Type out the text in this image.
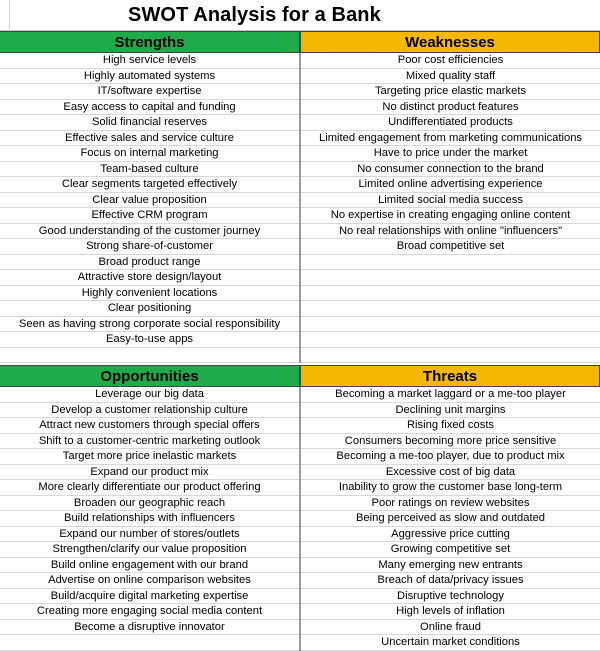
SWOT Analysis for a Bank
Strengths
High service levels
Highly automated systems
IT/software expertise
Easy access to capital and funding
Solid financial reserves
Effective sales and service culture
Focus on internal marketing
Team-based culture
Clear segments targeted effectively
Clear value proposition
Effective CRM program
Good understanding of the customer journey
Strong share-of-customer
Broad product range
Attractive store design/layout
Highly convenient locations
Clear positioning
Seen as having strong corporate social responsibility
Easy-to-use apps
Weaknesses
Poor cost efficiencies
Mixed quality staff
Targeting price elastic markets
No distinct product features
Undifferentiated products
Limited engagement from marketing communications
Have to price under the market
No consumer connection to the brand
Limited online advertising experience
Limited social media success
No expertise in creating engaging online content
No real relationships with online "influencers"
Broad competitive set
Opportunities
Leverage our big data
Develop a customer relationship culture
Attract new customers through special offers
Shift to a customer-centric marketing outlook
Target more price inelastic markets
Expand our product mix
More clearly differentiate our product offering
Broaden our geographic reach
Build relationships with influencers
Expand our number of stores/outlets
Strengthen/clarify our value proposition
Build online engagement with our brand
Advertise on online comparison websites
Build/acquire digital marketing expertise
Creating more engaging social media content
Become a disruptive innovator
Threats
Becoming a market laggard or a me-too player
Declining unit margins
Rising fixed costs
Consumers becoming more price sensitive
Becoming a me-too player, due to product mix
Excessive cost of big data
Inability to grow the customer base long-term
Poor ratings on review websites
Being perceived as slow and outdated
Aggressive price cutting
Growing competitive set
Many emerging new entrants
Breach of data/privacy issues
Disruptive technology
High levels of inflation
Online fraud
Uncertain market conditions
